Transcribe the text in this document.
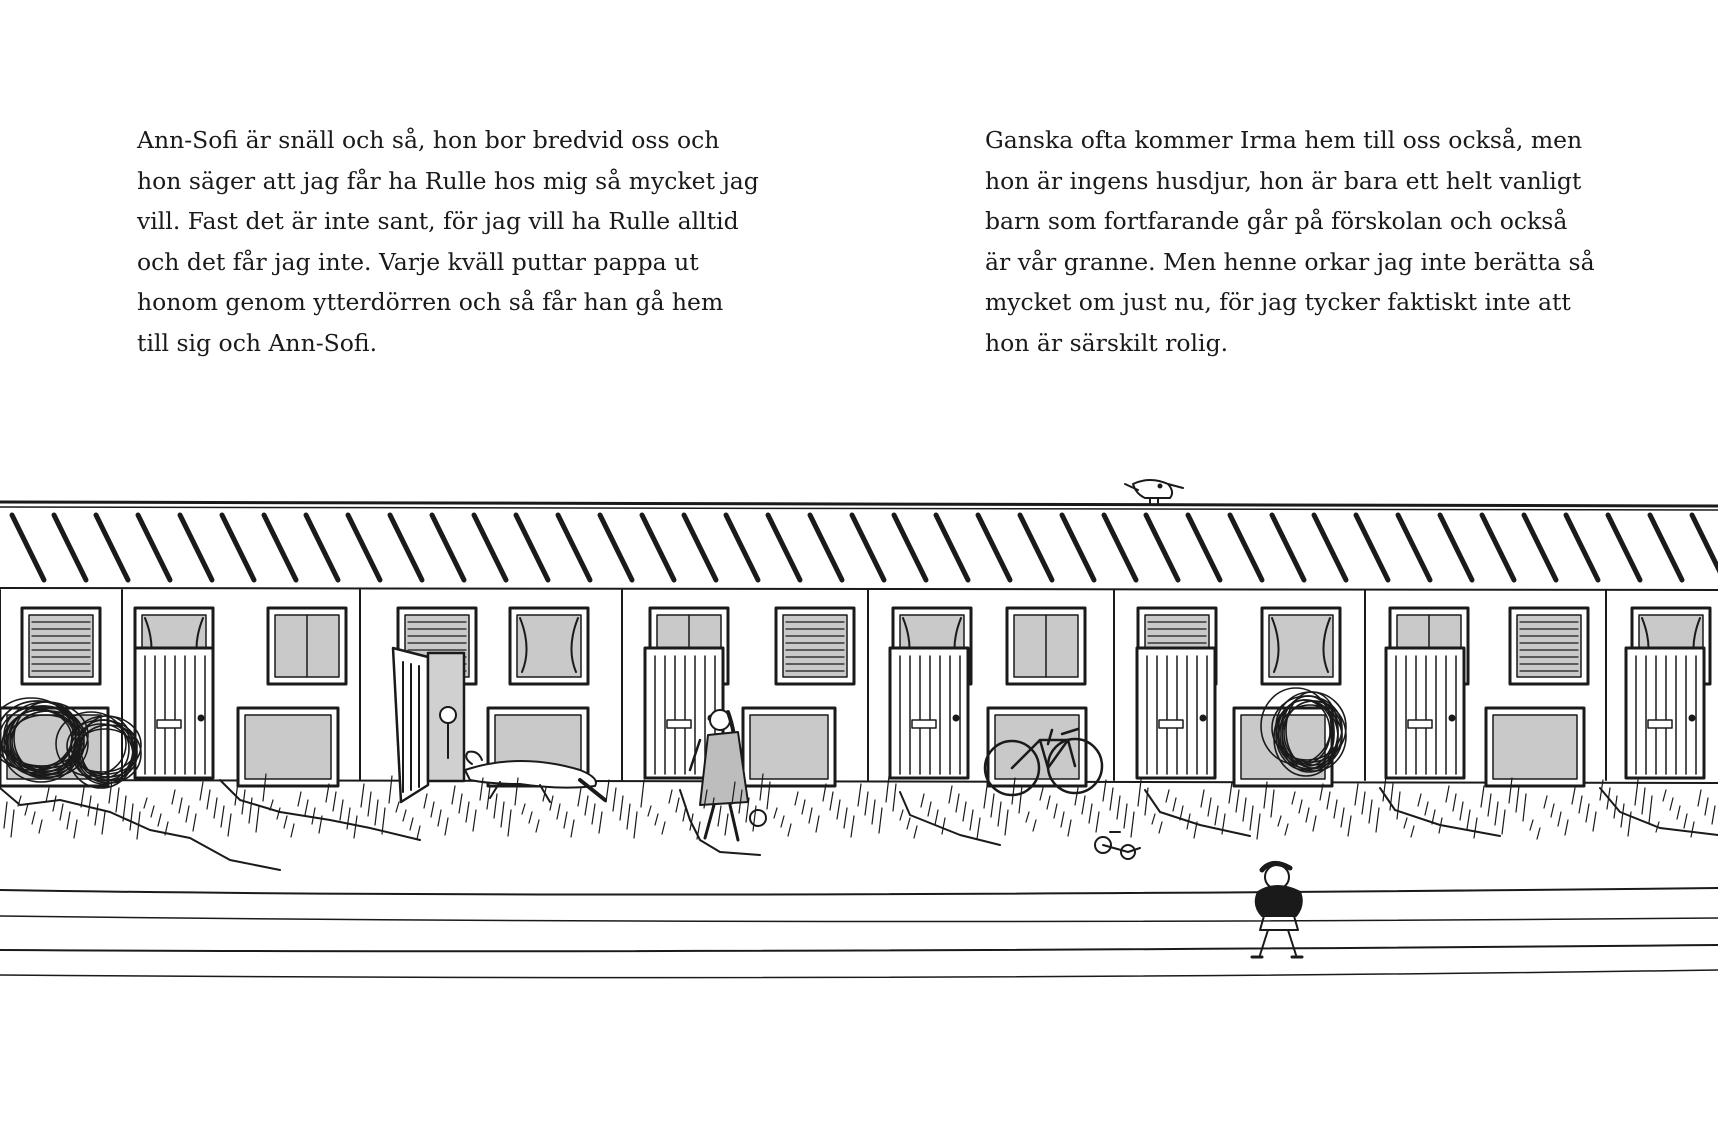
Ann-Sofi är snäll och så, hon bor bredvid oss och
hon säger att jag får ha Rulle hos mig så mycket jag
vill. Fast det är inte sant, för jag vill ha Rulle alltid
och det får jag inte. Varje kväll puttar pappa ut
honom genom ytterdörren och så får han gå hem
till sig och Ann-Sofi.
Ganska ofta kommer Irma hem till oss också, men
hon är ingens husdjur, hon är bara ett helt vanligt
barn som fortfarande går på förskolan och också
är vår granne. Men henne orkar jag inte berätta så
mycket om just nu, för jag tycker faktiskt inte att
hon är särskilt rolig.
